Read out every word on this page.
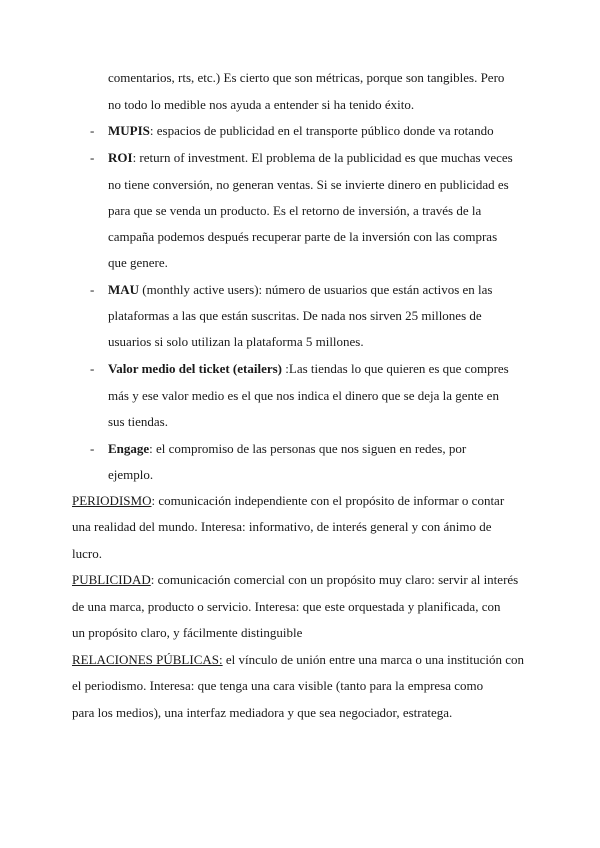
comentarios, rts, etc.) Es cierto que son métricas, porque son tangibles. Pero
no todo lo medible nos ayuda a entender si ha tenido éxito.
- MUPIS: espacios de publicidad en el transporte público donde va rotando
- ROI: return of investment. El problema de la publicidad es que muchas veces
no tiene conversión, no generan ventas. Si se invierte dinero en publicidad es
para que se venda un producto. Es el retorno de inversión, a través de la
campaña podemos después recuperar parte de la inversión con las compras
que genere.
- MAU (monthly active users): número de usuarios que están activos en las
plataformas a las que están suscritas. De nada nos sirven 25 millones de
usuarios si solo utilizan la plataforma 5 millones.
- Valor medio del ticket (etailers) :Las tiendas lo que quieren es que compres
más y ese valor medio es el que nos indica el dinero que se deja la gente en
sus tiendas.
- Engage: el compromiso de las personas que nos siguen en redes, por
ejemplo.
PERIODISMO: comunicación independiente con el propósito de informar o contar
una realidad del mundo. Interesa: informativo, de interés general y con ánimo de
lucro.
PUBLICIDAD: comunicación comercial con un propósito muy claro: servir al interés
de una marca, producto o servicio. Interesa: que este orquestada y planificada, con
un propósito claro, y fácilmente distinguible
RELACIONES PÚBLICAS: el vínculo de unión entre una marca o una institución con
el periodismo. Interesa: que tenga una cara visible (tanto para la empresa como
para los medios), una interfaz mediadora y que sea negociador, estratega.
